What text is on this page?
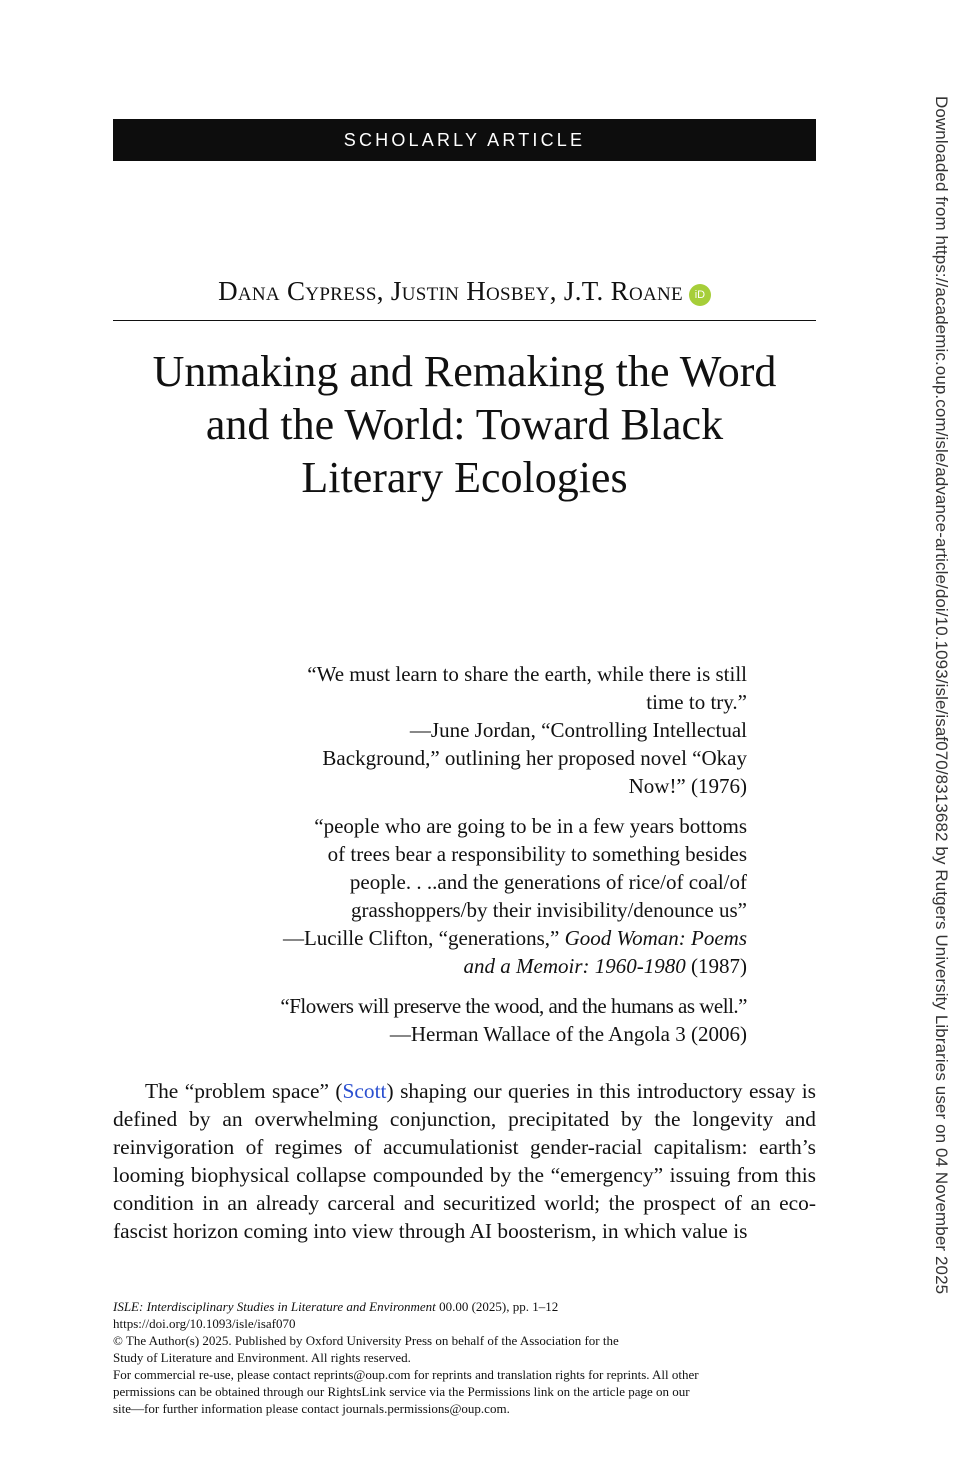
SCHOLARLY ARTICLE
Dana Cypress, Justin Hosbey, J.T. Roane iD
Unmaking and Remaking the Word
and the World: Toward Black
Literary Ecologies

“We must learn to share the earth, while there is still

time to try.”

—June Jordan, “Controlling Intellectual

Background,” outlining her proposed novel “Okay

Now!” (1976)

“people who are going to be in a few years bottoms

of trees bear a responsibility to something besides

people. . ..and the generations of rice/of coal/of

grasshoppers/by their invisibility/denounce us”

—Lucille Clifton, “generations,” Good Woman: Poems

and a Memoir: 1960-1980 (1987)

“Flowers will preserve the wood, and the humans as well.”

—Herman Wallace of the Angola 3 (2006)

The “problem space” (Scott) shaping our queries in this introductory essay is defined by an overwhelming conjunction, precipitated by the longevity and reinvigoration of regimes of accumulationist gender-racial capitalism: earth’s looming biophysical collapse compounded by the “emergency” issuing from this condition in an already carceral and securitized world; the prospect of an eco-fascist horizon coming into view through AI boosterism, in which value is

ISLE: Interdisciplinary Studies in Literature and Environment 00.00 (2025), pp. 1–12
https://doi.org/10.1093/isle/isaf070
© The Author(s) 2025. Published by Oxford University Press on behalf of the Association for the
Study of Literature and Environment. All rights reserved.
For commercial re-use, please contact reprints@oup.com for reprints and translation rights for reprints. All other
permissions can be obtained through our RightsLink service via the Permissions link on the article page on our
site—for further information please contact journals.permissions@oup.com.
Downloaded from https://academic.oup.com/isle/advance-article/doi/10.1093/isle/isaf070/8313682 by Rutgers University Libraries user on 04 November 2025
